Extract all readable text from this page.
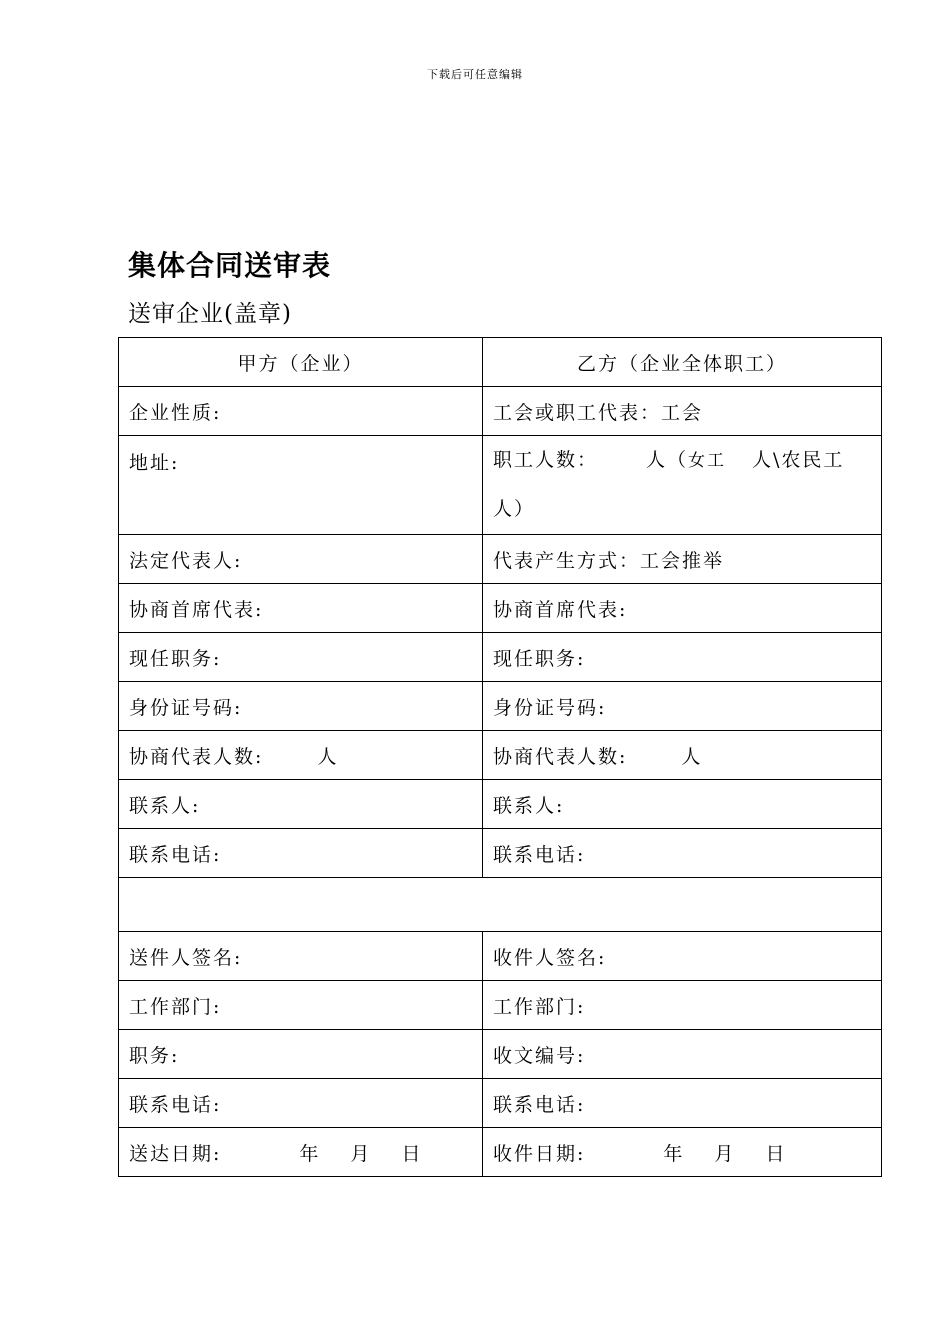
下载后可任意编辑
集体合同送审表
送审企业(盖章)
甲方（企业）	乙方（企业全体职工）
企业性质:	工会或职工代表：工会
地址:	职工人数： 人（女工 人\农民工
人）
法定代表人:	代表产生方式：工会推举
协商首席代表:	协商首席代表:
现任职务:	现任职务:
身份证号码:	身份证号码:
协商代表人数: 人	协商代表人数: 人
联系人:	联系人:
联系电话:	联系电话:

送件人签名:	收件人签名:
工作部门:	工作部门:
职务:	收文编号:
联系电话:	联系电话:
送达日期: 年 月 日	收件日期: 年 月 日
